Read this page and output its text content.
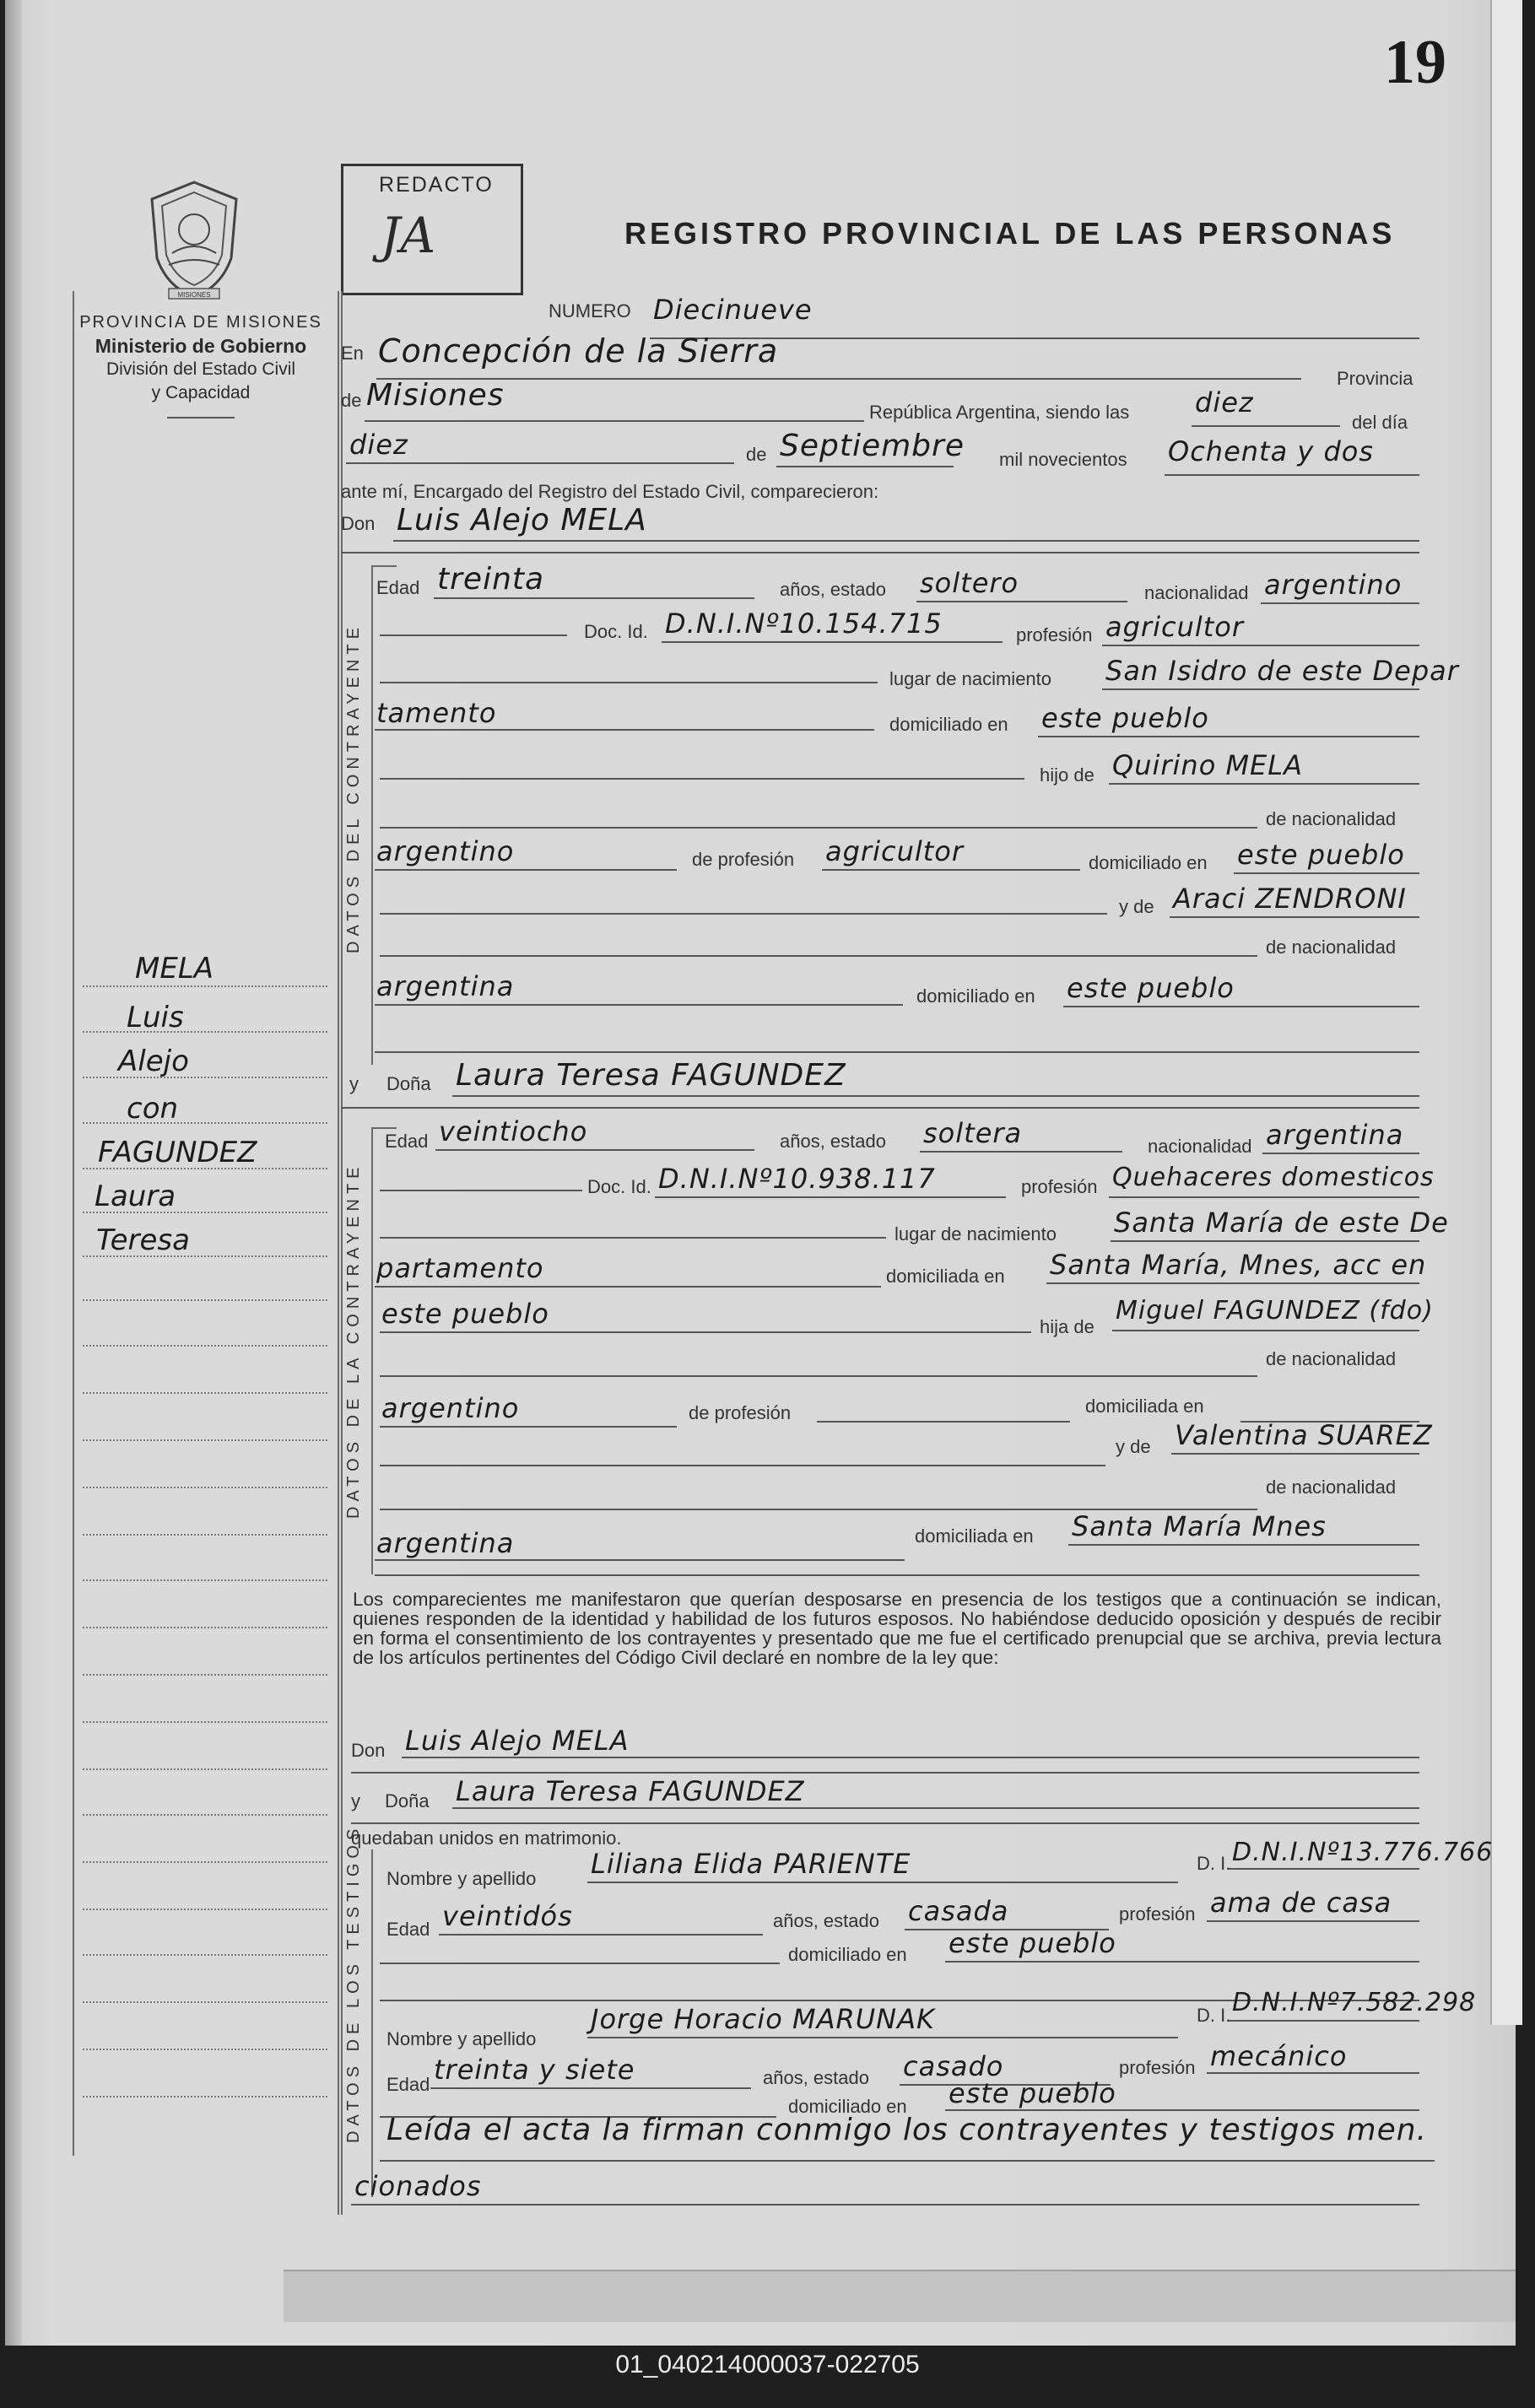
19
REDACTO
JA	REGISTRO PROVINCIAL DE LAS PERSONAS
MISIONES
PROVINCIA DE MISIONES
Ministerio de Gobierno
División del Estado Civil
y Capacidad
DATOS DEL CONTRAYENTE
DATOS DE LA CONTRAYENTE
DATOS DE LOS TESTIGOS
NUMERO Diecinueve
En Concepción de la Sierra
Provincia
de Misiones	República Argentina, siendo las diez
del día
diez	de Septiembre mil novecientos Ochenta y dos
ante mí, Encargado del Registro del Estado Civil, comparecieron:
Don Luis Alejo MELA
Edad treinta	años, estado soltero	nacionalidad argentino
Doc. Id. D.N.I.Nº10.154.715	profesión agricultor
lugar de nacimiento San Isidro de este Depar
tamento	domiciliado en este pueblo
hijo de Quirino MELA
de nacionalidad
argentino	de profesión agricultor	domiciliado en este pueblo
y de Araci ZENDRONI
de nacionalidad
argentina	domiciliado en este pueblo
y Doña Laura Teresa FAGUNDEZ
Edad veintiocho	años, estado soltera	nacionalidad argentina
Doc. Id. D.N.I.Nº10.938.117	profesión Quehaceres domesticos
lugar de nacimiento Santa María de este De
partamento	domiciliada en Santa María, Mnes, acc en
este pueblo	hija de
Miguel FAGUNDEZ (fdo)
de nacionalidad
argentino	de profesión	domiciliada en
y de Valentina SUAREZ
de nacionalidad
argentina	domiciliada en Santa María Mnes
Los comparecientes me manifestaron que querían desposarse en presencia de los testigos que a continuación se indican, quienes responden de la identidad y habilidad de los futuros esposos. No habiéndose deducido oposición y después de recibir en forma el consentimiento de los contrayentes y presentado que me fue el certificado prenupcial que se archiva, previa lectura de los artículos pertinentes del Código Civil declaré en nombre de la ley que:
Don Luis Alejo MELA
y Doña Laura Teresa FAGUNDEZ
quedaban unidos en matrimonio.
Nombre y apellido Liliana Elida PARIENTE	D. I. D.N.I.Nº13.776.766
Edad veintidós	años, estado casada	profesión ama de casa
domiciliado en este pueblo
Nombre y apellido
Jorge Horacio MARUNAK	D. I. D.N.I.Nº7.582.298
Edad treinta y siete	años, estado casado	profesión mecánico
domiciliado en este pueblo
Leída el acta la firman conmigo los contrayentes y testigos men.
cionados
MELA
Luis
Alejo
con
FAGUNDEZ
Laura
Teresa
01_040214000037-022705
